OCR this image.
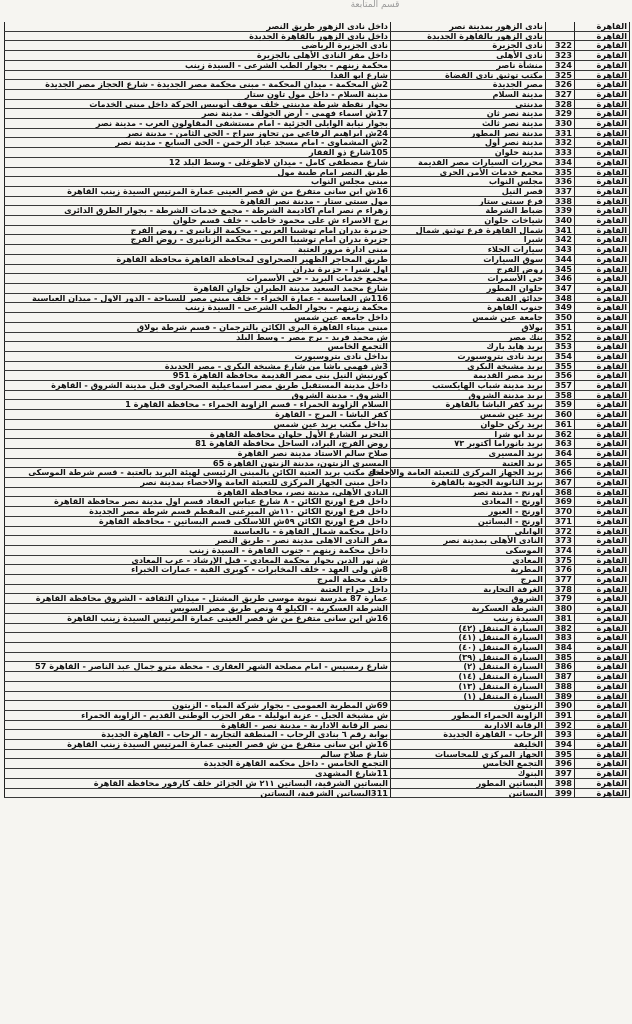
قسم المتابعة
القاهرة		نادى الزهور بمدينة نصر	داخل نادى الزهور طريق النصر	
القاهرة		نادى الزهور بالقاهرة الجديدة	داخل نادى الزهور بالقاهرة الجديدة	
القاهرة	322	نادى الجزيرة	نادى الجزيرة الرياضى	
القاهرة	323	نادى الأهلى	داخل مقر النادى الأهلى بالجزيرة	
القاهرة	324	منشأة ناصر	محكمة زينهم - بجوار الطب الشرعى - السيدة زينب	
القاهرة	325	مكتب توثيق نادى القضاة	شارع ابو الفدا	
القاهرة	326	مصر الجديدة	2ش المحكمة - ميدان المحكمة - مبنى محكمة مصر الجديدة - شارع الحجاز مصر الجديدة	
القاهرة	327	مدينة السلام	مدينة السلام - داخل مول تاون ستار	
القاهرة	328	مدينتى	بجوار نقطة شرطة مدينتى خلف موقف أتوبيس الحركة داخل مبنى الخدمات	
القاهرة	329	مدينة نصر ثان	17ش اسماء فهمى - أرض الجولف - مدينة نصر	
القاهرة	330	مدينة نصر ثالث	بجوار نيابة الوايلى الجزئية - امام مستشفى المقاولون العرب - مدينة نصر	
القاهرة	331	مدينة نصر المطور	24ش ابراهيم الرفاعى من تجاوز سراج - الحى الثامن - مدينة نصر	
القاهرة	332	مدينة نصر أول	2ش المشماوى - امام مسجد عباد الرحمن - الحى السابع - مدينة نصر	
القاهرة	333	مدينة حلوان	105شارع ذو الفقار	
القاهرة	334	محررات السيارات مصر القديمة	شارع مصطفى كامل - ميدان لاظوغلى - وسط البلد 12	
القاهرة	335	مجمع خدمات الأمن الحرى	طريق النصر امام طيبة مول	
القاهرة	336	مجلس النواب	مبنى مجلس النواب	
القاهرة	337	قصر النيل	16ش ابن سانى متفرع من ش قصر العينى عمارة المرتيس السيدة زينب القاهرة	
القاهرة	338	فرع سيتى ستار	مول سيتى ستار - مدينة نصر القاهرة	
القاهرة	339	ضباط الشرطة	زهراء م نصر امام اكاديمة الشرطة - مجمع خدمات الشرطة - بجوار الطرق الدائرى	
القاهرة	340	شياخات حلوان	برج الاسراء ش على محمود خاطب - خلف قسم حلوان	
القاهرة	341	شمال القاهرة فرع توثيق شمال	جزيرة بدران امام توشيبا العربى - محكمة الزنانيرى - روض الفرج	
القاهرة	342	شبرا	جزيرة بدران امام توشيبا العربى - محكمة الزنانيرى - روض الفرج	
القاهرة	343	سيارات الجلاء	مبنى ادارة مرور العتبة	
القاهرة	344	سوق السيارات	طريق المحاجر الظهير الصحراوى لمحافظة القاهرة محافظة القاهرة	
القاهرة	345	روض الفرج	اول شبرا - جزيرة بدران	
القاهرة	346	حى الأسمرات	مجمع خدمات البريد - حى الأسمرات	
القاهرة	347	حلوان المطور	شارع محمد السعيد مدينة الطيران حلوان القاهرة	
القاهرة	348	حدائق القبة	116ش العباسية - عمارة الخيراء - خلف مبنى مصر للسياحة - الدور الاول - ميدان العباسية	
القاهرة	349	جنوب القاهرة	محكمة زينهم - بجوار الطب الشرعى - السيدة زينب	
القاهرة	350	جامعة عين شمس	داخل جامعه عين شمس	
القاهرة	351	بولاق	مبنى ميناء القاهرة البرى الكائن بالترجمان - قسم شرطة بولاق	
القاهرة	352	بنك مصر	ش محمد فريد - برج مصر - وسط البلد	
القاهرة	353	بريد هايد بارك	التجمع الخامس	
القاهرة	354	بريد نادى بتروسبورت	بداخل نادى بتروسبورت	
القاهرة	355	بريد مشيخة البكرى	3ش فهمى باشا من شارع مشيخة البكرى - مصر الجديدة	
القاهرة	356	بريد مصر القديمة	كورنيش النيل بنى مصر القديمة محافظة القاهرة 951	
القاهرة	357	بريد مدينة شباب الهايكستب	داخل مدينة المستقبل طريق مصر اسماعيلية الصحراوى قبل مدينة الشروق - القاهرة	
القاهرة	358	بريد مدينة الشروق	الشروق - مدينة الشروق	
القاهرة	359	بريد كفر الباشا بالقاهرة	السلام الزاوية الحمراء - قسم الزاوية الحمراء - محافظة القاهرة 1	
القاهرة	360	بريد عين شمس	كفر الباشا - المرج - القاهرة	
القاهرة	361	بريد ركن حلوان	بداخل مكتب بريد عين شمس	
القاهرة	362	بريد ابو شرا	التحرير الشارع الأول حلوان محافظة القاهرة	
القاهرة	363	بريد بانوراما أكتوبر ٧٣	روض الفرج، البراد، الساحل محافظة القاهرة 81	
القاهرة	364	بريد المسيرى	صلاح سالم الاستاد مدينة نصر القاهرة	
القاهرة	365	بريد العتبة	المسيرى الزيتون، مدينة الزيتون القاهرة 65	
القاهرة	366	بريد الجهاز المركزى للتعبئة العامة والاحصاء	داخل مكتب بريد العتبة الكائن بالمبنى الرئيسى لهيئة البريد بالعتبة - قسم شرطة الموسكى	
القاهرة	367	بريد الثانوية الجوية بالقاهرة	داخل مبنى الجهاز المركزى للتعبئة العامة والاحصاء بمدينة نصر	
القاهرة	368	اورنج - مدينة نصر	النادى الأهلى، مدينة نصر، محافظة القاهرة	
القاهرة	369	اورنج - المعادى	داخل فرع اورنج الكائن - ٨ شارع عباس العقاد قسم اول مدينة نصر محافظة القاهرة	
القاهرة	370	اورنج - العبور	داخل فرع اورنج الكائن ١١٠ش الميرغنى المقطم قسم شرطة مصر الجديدة	
القاهرة	371	اورنج - البساتين	داخل فرع اورنج الكائن ٥٩ش اللاسلكى قسم البساتين - محافظة القاهرة	
القاهرة	372	الوايلى	داخل محكمة شمال القاهرة - بالعباسية	
القاهرة	373	النادى الأهلى بمدينة نصر	مقر النادى الاهلى مدينة نصر - طريق النصر	
القاهرة	374	الموسكى	داخل محكمة زينهم - جنوب القاهرة - السيدة زينب	
القاهرة	375	المعادى	ش نور الدين بجوار محكمة المعادى - قبل الإرشاد - عرب المعادى	
القاهرة	376	المطرية	8ش ولى العهد - خلف المخابرات - كوبرى القبة - عمارات الخبراء	
القاهرة	377	المرج	خلف محطة المرج	
القاهرة	378	الغرفة التجارية	داخل جراج العتبة	
القاهرة	379	الشروق	عمارة 87 مدرسة نبوية موسى طريق المشتل - ميدان الثقافة - الشروق محافظة القاهرة	
القاهرة	380	الشرطة العسكرية	الشرطة العسكرية - الكيلو 4 ونص طريق مصر السويس	
القاهرة	381	السيدة زينب	16ش ابن سانى متفرع من ش قصر العينى عمارة المرتيس السيدة زينب القاهرة	
القاهرة	382	السيارة المتنقل (٤٢)		
القاهرة	383	السيارة المتنقل (٤١)		
القاهرة	384	السيارة المتنقل (٤٠)		
القاهرة	385	السيارة المتنقل (٣٩)		
القاهرة	386	السيارة المتنقل (٢)	شارع رمسيس - امام مصلحة الشهر العقارى - محطة مترو جمال عبد الناصر - القاهرة 57	
القاهرة	387	السيارة المتنقل (١٤)		
القاهرة	388	السيارة المتنقل (١٣)		
القاهرة	389	السيارة المتنقل (١)		
القاهرة	390	الزيتون	69ش المطرية العمومى - بجوار شركة المياه - الزيتون	
القاهرة	391	الزاوية الحمراء المطور	ش مشيخة الجبل - عزبة ابوليلة - مقر الحزب الوطنى القديم - الزاوية الحمراء	
القاهرة	392	الرقابة الادارية	نصر الرقابة الادارية - مدينة نصر - القاهرة	
القاهرة	393	الرحاب - القاهرة الجديدة	بوابة رقم ٦ بنادى الرحاب - المنطقة التجارية - الرحاب - القاهرة الجديدة	
القاهرة	394	الخليفة	16ش ابن سانى متفرع من ش قصر العينى عمارة المرتيس السيدة زينب القاهرة	
القاهرة	395	الجهاز المركزى للمحاسبات	شارع صلاح سالم	
القاهرة	396	التجمع الخامس	التجمع الخامس - داخل محكمه القاهرة الجديدة	
القاهرة	397	البنوك	11شارع المشهدى	
القاهرة	398	البساتين المطور	البساتين الشرقية، البساتين ٢١١ ش الجزائر خلف كارفور محافظة القاهرة	
القاهرة	399	البساتين	311البساتين الشرقية، البساتين	
